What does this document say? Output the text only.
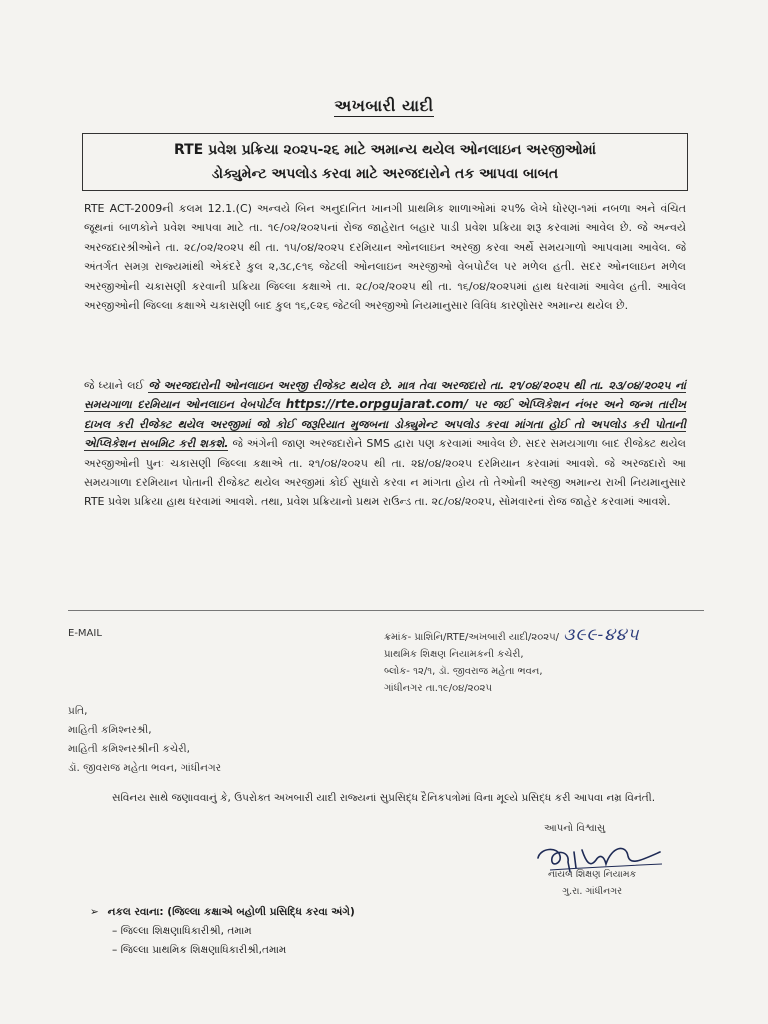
અખબારી યાદી
RTE પ્રવેશ પ્રક્રિયા ૨૦૨૫-૨૬ માટે અમાન્ય થયેલ ઓનલાઇન અરજીઓમાં
ડોક્યુમેન્ટ અપલોડ કરવા માટે અરજદારોને તક આપવા બાબત
RTE ACT-2009ની કલમ 12.1.(C) અન્વયે બિન અનુદાનિત ખાનગી પ્રાથમિક શાળાઓમાં ૨૫% લેખે ધોરણ-૧માં નબળા અને વંચિત જૂથનાં બાળકોને પ્રવેશ આપવા માટે તા. ૧૯/૦૨/૨૦૨૫નાં રોજ જાહેરાત બહાર પાડી પ્રવેશ પ્રક્રિયા શરૂ કરવામાં આવેલ છે. જે અન્વયે અરજદારશ્રીઓને તા. ૨૮/૦૨/૨૦૨૫ થી તા. ૧૫/૦૪/૨૦૨૫ દરમિયાન ઓનલાઇન અરજી કરવા અર્થે સમયગાળો આપવામા આવેલ. જે અંતર્ગત સમગ્ર રાજ્યમાંથી એકંદરે કુલ ૨,૩૮,૯૧૬ જેટલી ઓનલાઇન અરજીઓ વેબપોર્ટલ પર મળેલ હતી. સદર ઓનલાઇન મળેલ અરજીઓની ચકાસણી કરવાની પ્રક્રિયા જિલ્લા કક્ષાએ તા. ૨૮/૦૨/૨૦૨૫ થી તા. ૧૬/૦૪/૨૦૨૫માં હાથ ધરવામાં આવેલ હતી. આવેલ અરજીઓની જિલ્લા કક્ષાએ ચકાસણી બાદ કુલ ૧૬,૯૨૬ જેટલી અરજીઓ નિયમાનુસાર વિવિધ કારણોસર અમાન્ય થયેલ છે.
જે ધ્યાને લઈ જે અરજદારોની ઓનલાઇન અરજી રીજેક્ટ થયેલ છે. માત્ર તેવા અરજદારો તા. ૨૧/૦૪/૨૦૨૫ થી તા. ૨૩/૦૪/૨૦૨૫ નાં સમયગાળા દરમિયાન ઓનલાઇન વેબપોર્ટલ https://rte.orpgujarat.com/ પર જઈ એપ્લિકેશન નંબર અને જન્મ તારીખ દાખલ કરી રીજેક્ટ થયેલ અરજીમાં જો કોઈ જરૂરિયાત મુજબના ડોક્યુમેન્ટ અપલોડ કરવા માંગતા હોઈ તો અપલોડ કરી પોતાની એપ્લિકેશન સબમિટ કરી શકશે. જે અંગેની જાણ અરજદારોને SMS દ્વારા પણ કરવામાં આવેલ છે. સદર સમયગાળા બાદ રીજેક્ટ થયેલ અરજીઓની પુનઃ ચકાસણી જિલ્લા કક્ષાએ તા. ૨૧/૦૪/૨૦૨૫ થી તા. ૨૪/૦૪/૨૦૨૫ દરમિયાન કરવામાં આવશે. જે અરજદારો આ સમયગાળા દરમિયાન પોતાની રીજેક્ટ થયેલ અરજીમાં કોઈ સુધારો કરવા ન માંગતા હોય તો તેઓની અરજી અમાન્ય રાખી નિયમાનુસાર RTE પ્રવેશ પ્રક્રિયા હાથ ધરવામાં આવશે. તથા, પ્રવેશ પ્રક્રિયાનો પ્રથમ રાઉન્ડ તા. ૨૮/૦૪/૨૦૨૫, સોમવારનાં રોજ જાહેર કરવામાં આવશે.
E-MAIL	ક્રમાંક- પ્રાશિનિ/RTE/અખબારી યાદી/૨૦૨૫/ ૩૯૯-૪૪૫
પ્રાથમિક શિક્ષણ નિયામકની કચેરી,
બ્લોક- ૧૨/૧, ડૉ. જીવરાજ મહેતા ભવન,
ગાંધીનગર તા.૧૯/૦૪/૨૦૨૫
પ્રતિ,
માહિતી કમિશ્નરશ્રી,
માહિતી કમિશ્નરશ્રીની કચેરી,
ડૉ. જીવરાજ મહેતા ભવન, ગાંધીનગર
સવિનય સાથે જણાવવાનું કે, ઉપરોક્ત અખબારી યાદી રાજ્યનાં સુપ્રસિદ્ધ દૈનિકપત્રોમાં વિના મૂલ્યે પ્રસિદ્ધ કરી આપવા નમ્ર વિનંતી.
આપનો વિશ્વાસુ
નાયબ શિક્ષણ નિયામક
ગુ.રા. ગાંધીનગર
➢ નકલ રવાના: (જિલ્લા કક્ષાએ બહોળી પ્રસિદ્ધિ કરવા અંગે)
– જિલ્લા શિક્ષણાધિકારીશ્રી, તમામ
– જિલ્લા પ્રાથમિક શિક્ષણાધિકારીશ્રી,તમામ
